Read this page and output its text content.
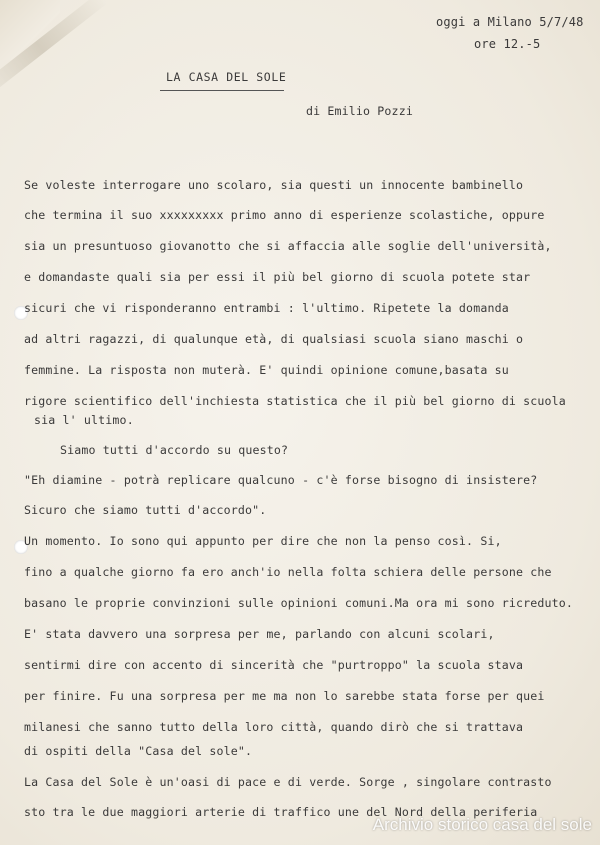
oggi a Milano 5/7/48
ore 12.-5
LA CASA DEL SOLE
di Emilio Pozzi
Se voleste interrogare uno scolaro, sia questi un innocente bambinello
che termina il suo xxxxxxxxx primo anno di esperienze scolastiche, oppure
sia un presuntuoso giovanotto che si affaccia alle soglie dell'università,
e domandaste quali sia per essi il più bel giorno di scuola potete star
sicuri che vi risponderanno entrambi : l'ultimo. Ripetete la domanda
ad altri ragazzi, di qualunque età, di qualsiasi scuola siano maschi o
femmine. La risposta non muterà. E' quindi opinione comune,basata su
rigore scientifico dell'inchiesta statistica che il più bel giorno di scuola
sia l' ultimo.
Siamo tutti d'accordo su questo?
"Eh diamine - potrà replicare qualcuno - c'è forse bisogno di insistere?
Sicuro che siamo tutti d'accordo".
Un momento. Io sono qui appunto per dire che non la penso così. Si,
fino a qualche giorno fa ero anch'io nella folta schiera delle persone che
basano le proprie convinzioni sulle opinioni comuni.Ma ora mi sono ricreduto.
E' stata davvero una sorpresa per me, parlando con alcuni scolari,
sentirmi dire con accento di sincerità che "purtroppo" la scuola stava
per finire. Fu una sorpresa per me ma non lo sarebbe stata forse per quei
milanesi che sanno tutto della loro città, quando dirò che si trattava
di ospiti della "Casa del sole".
La Casa del Sole è un'oasi di pace e di verde. Sorge , singolare contrasto
sto tra le due maggiori arterie di traffico une del Nord della periferia
Archivio storico casa del sole
